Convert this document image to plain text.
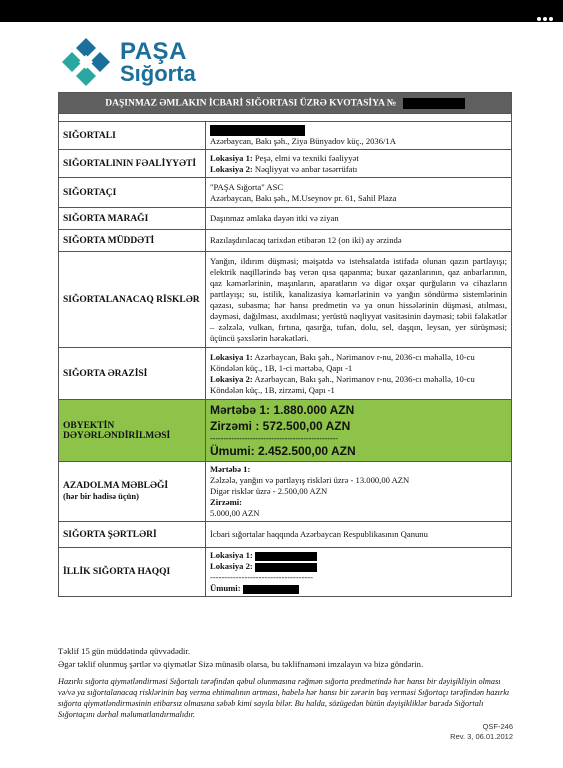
PAŞA
Sığorta
DAŞINMAZ ƏMLAKIN İCBARİ SIĞORTASI ÜZRƏ KVOTASİYA №	

SIĞORTALI	Azərbaycan, Bakı şəh., Ziya Bünyadov küç., 2036/1A
SIĞORTALININ FƏALİYYƏTİ	Lokasiya 1: Peşə, elmi və texniki fəaliyyət
Lokasiya 2: Nəqliyyat və anbar təsərrüfatı
SIĞORTAÇI	"PAŞA Sığorta" ASC
Azərbaycan, Bakı şəh., M.Useynov pr. 61, Sahil Plaza
SIĞORTA MARAĞI	Daşınmaz əmlaka dəyən itki və ziyan
SIĞORTA MÜDDƏTİ	Razılaşdırılacaq tarixdən etibarən 12 (on iki) ay ərzində
SIĞORTALANACAQ RİSKLƏR	Yanğın, ildırım düşməsi; məişətdə və istehsalatda istifadə olunan qazın partlayışı; elektrik naqillərində baş verən qısa qapanma; buxar qazanlarının, qaz anbarlarının, qaz kəmərlərinin, maşınların, aparatların və digər oxşar qurğuların və cihazların partlayışı; su, istilik, kanalizasiya kəmərlərinin və yanğın söndürmə sistemlərinin qəzası, subasma; hər hansı predmetin və ya onun hissələrinin düşməsi, atılması, dəyməsi, dağılması, axıdılması; yerüstü nəqliyyat vasitəsinin dəyməsi; təbii fəlakətlər – zəlzələ, vulkan, fırtına, qasırğa, tufan, dolu, sel, daşqın, leysan, yer sürüşməsi; üçüncü şəxslərin hərəkətləri.
SIĞORTA ƏRAZİSİ	Lokasiya 1: Azərbaycan, Bakı şəh., Nərimanov r-nu, 2036-cı məhəllə, 10-cu Köndələn küç., 1B, 1-ci mərtəbə, Qapı -1
Lokasiya 2: Azərbaycan, Bakı şəh., Nərimanov r-nu, 2036-cı məhəllə, 10-cu Köndələn küç., 1B, zirzəmi, Qapı -1
OBYEKTİN DƏYƏRLƏNDİRİLMƏSİ	Mərtəbə 1: 1.880.000 AZN
Zirzəmi : 572.500,00 AZN
------------------------------------------------
Ümumi: 2.452.500,00 AZN

AZADOLMA MƏBLƏĞİ
(hər bir hadisə üçün)	Mərtəbə 1:
Zəlzələ, yanğın və partlayış riskləri üzrə - 13.000,00 AZN
Digər risklər üzrə - 2.500,00 AZN
Zirzəmi:
5.000,00 AZN
SIĞORTA ŞƏRTLƏRİ	İcbari sığortalar haqqında Azərbaycan Respublikasının Qanunu
İLLİK SIĞORTA HAQQI	Lokasiya 1:
Lokasiya 2:
------------------------------------
Ümumi:
Təklif 15 gün müddətində qüvvədədir.
Əgər təklif olunmuş şərtlər və qiymətlər Sizə münasib olarsa, bu təklifnaməni imzalayın və bizə göndərin.
Hazırkı sığorta qiymətləndirməsi Sığortalı tərəfindən qəbul olunmasına rəğmən sığorta predmetində hər hansı bir dəyişikliyin olması və/və ya sığortalanacaq risklərinin baş verma ehtimalının artması, habelə hər hansı bir zərərin baş verməsi Sığortaçı tərəfindən hazırkı sığorta qiymətləndirməsinin etibarsız olmasına səbəb kimi sayıla bilər. Bu halda, sözügedən bütün dəyişikliklər barədə Sığortalı Sığortaçını dərhal məlumatlandırmalıdır.
QSF-246
Rev. 3, 06.01.2012
